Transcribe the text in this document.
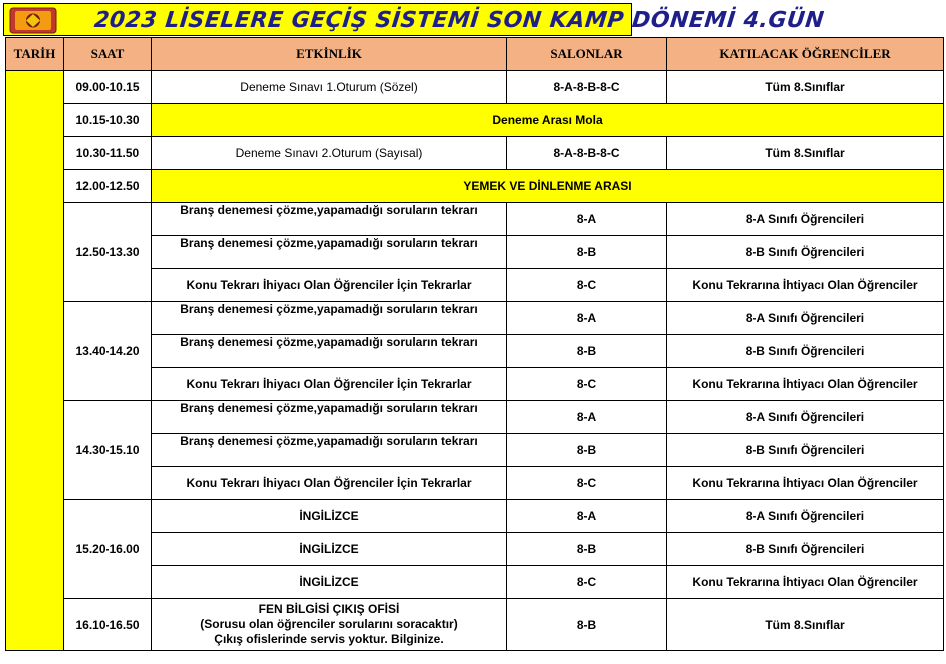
2023 LİSELERE GEÇİŞ SİSTEMİ SON KAMP DÖNEMİ 4.GÜN
TARİH	SAAT	ETKİNLİK	SALONLAR	KATILACAK ÖĞRENCİLER
	09.00-10.15	Deneme Sınavı 1.Oturum (Sözel)	8-A-8-B-8-C	Tüm 8.Sınıflar
	10.15-10.30	Deneme Arası Mola		
	10.30-11.50	Deneme Sınavı 2.Oturum (Sayısal)	8-A-8-B-8-C	Tüm 8.Sınıflar
	12.00-12.50	YEMEK VE DİNLENME ARASI		
	12.50-13.30	Branş denemesi çözme,yapamadığı soruların tekrarı	8-A	8-A Sınıfı Öğrencileri
		Branş denemesi çözme,yapamadığı soruların tekrarı	8-B	8-B Sınıfı Öğrencileri
		Konu Tekrarı İhiyacı Olan Öğrenciler İçin Tekrarlar	8-C	Konu Tekrarına İhtiyacı Olan Öğrenciler
	13.40-14.20	Branş denemesi çözme,yapamadığı soruların tekrarı	8-A	8-A Sınıfı Öğrencileri
		Branş denemesi çözme,yapamadığı soruların tekrarı	8-B	8-B Sınıfı Öğrencileri
		Konu Tekrarı İhiyacı Olan Öğrenciler İçin Tekrarlar	8-C	Konu Tekrarına İhtiyacı Olan Öğrenciler
	14.30-15.10	Branş denemesi çözme,yapamadığı soruların tekrarı	8-A	8-A Sınıfı Öğrencileri
		Branş denemesi çözme,yapamadığı soruların tekrarı	8-B	8-B Sınıfı Öğrencileri
		Konu Tekrarı İhiyacı Olan Öğrenciler İçin Tekrarlar	8-C	Konu Tekrarına İhtiyacı Olan Öğrenciler
	15.20-16.00	İNGİLİZCE	8-A	8-A Sınıfı Öğrencileri
		İNGİLİZCE	8-B	8-B Sınıfı Öğrencileri
		İNGİLİZCE	8-C	Konu Tekrarına İhtiyacı Olan Öğrenciler
	16.10-16.50	FEN BİLGİSİ ÇIKIŞ OFİSİ
(Sorusu olan öğrenciler sorularını soracaktır)
Çıkış ofislerinde servis yoktur. Bilginize.	8-B	Tüm 8.Sınıflar
